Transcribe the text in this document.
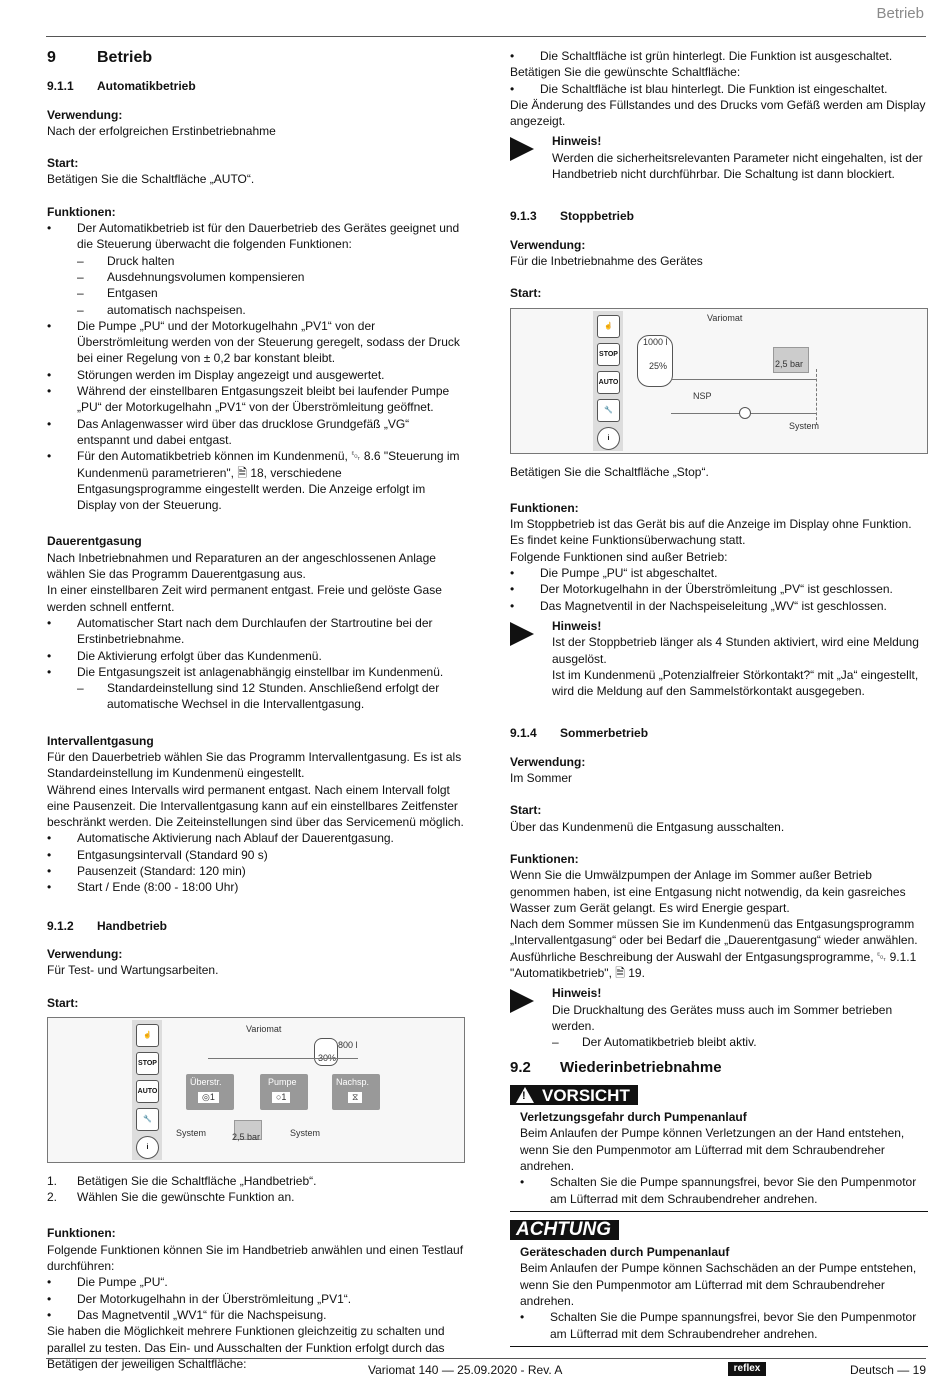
Betrieb
9	Betrieb
9.1.1	Automatikbetrieb
Verwendung:

Nach der erfolgreichen Erstinbetriebnahme

Start:

Betätigen Sie die Schaltfläche „AUTO“.

Funktionen:
•	Der Automatikbetrieb ist für den Dauerbetrieb des Gerätes geeignet und die Steuerung überwacht die folgenden Funktionen:
–	Druck halten
–	Ausdehnungsvolumen kompensieren
–	Entgasen
–	automatisch nachspeisen.
•	Die Pumpe „PU“ und der Motorkugelhahn „PV1“ von der Überströmleitung werden von der Steuerung geregelt, sodass der Druck bei einer Regelung von ± 0,2 bar konstant bleibt.
•	Störungen werden im Display angezeigt und ausgewertet.
•	Während der einstellbaren Entgasungszeit bleibt bei laufender Pumpe „PU“ der Motorkugelhahn „PV1“ von der Überströmleitung geöffnet.
•	Das Anlagenwasser wird über das drucklose Grundgefäß „VG“ entspannt und dabei entgast.
•	Für den Automatikbetrieb können im Kundenmenü, ␄ 8.6 "Steuerung im Kundenmenü parametrieren", 🗎 18, verschiedene Entgasungsprogramme eingestellt werden. Die Anzeige erfolgt im Display von der Steuerung.
Dauerentgasung

Nach Inbetriebnahmen und Reparaturen an der angeschlossenen Anlage wählen Sie das Programm Dauerentgasung aus.

In einer einstellbaren Zeit wird permanent entgast. Freie und gelöste Gase werden schnell entfernt.

•	Automatischer Start nach dem Durchlaufen der Startroutine bei der Erstinbetriebnahme.
•	Die Aktivierung erfolgt über das Kundenmenü.
•	Die Entgasungszeit ist anlagenabhängig einstellbar im Kundenmenü.
–	Standardeinstellung sind 12 Stunden. Anschließend erfolgt der automatische Wechsel in die Intervallentgasung.
Intervallentgasung

Für den Dauerbetrieb wählen Sie das Programm Intervallentgasung. Es ist als Standardeinstellung im Kundenmenü eingestellt.

Während eines Intervalls wird permanent entgast. Nach einem Intervall folgt eine Pausenzeit. Die Intervallentgasung kann auf ein einstellbares Zeitfenster beschränkt werden. Die Zeiteinstellungen sind über das Servicemenü möglich.

•	Automatische Aktivierung nach Ablauf der Dauerentgasung.
•	Entgasungsintervall (Standard 90 s)
•	Pausenzeit (Standard: 120 min)
•	Start / Ende (8:00 - 18:00 Uhr)
9.1.2	Handbetrieb
Verwendung:

Für Test- und Wartungsarbeiten.

Start:
☝
STOP
AUTO
🔧
i
Variomat
30%
800 l
Überstr.
◎1
Pumpe
○1
Nachsp.
⧖
System	2,5 bar	System
1.	Betätigen Sie die Schaltfläche „Handbetrieb“.
2.	Wählen Sie die gewünschte Funktion an.
Funktionen:

Folgende Funktionen können Sie im Handbetrieb anwählen und einen Testlauf durchführen:

•	Die Pumpe „PU“.
•	Der Motorkugelhahn in der Überströmleitung „PV1“.
•	Das Magnetventil „WV1“ für die Nachspeisung.

Sie haben die Möglichkeit mehrere Funktionen gleichzeitig zu schalten und parallel zu testen. Das Ein- und Ausschalten der Funktion erfolgt durch das Betätigen der jeweiligen Schaltfläche:

•	Die Schaltfläche ist grün hinterlegt. Die Funktion ist ausgeschaltet.

Betätigen Sie die gewünschte Schaltfläche:

•	Die Schaltfläche ist blau hinterlegt. Die Funktion ist eingeschaltet.

Die Änderung des Füllstandes und des Drucks vom Gefäß werden am Display angezeigt.

Hinweis!
Werden die sicherheitsrelevanten Parameter nicht eingehalten, ist der Handbetrieb nicht durchführbar. Die Schaltung ist dann blockiert.
9.1.3	Stoppbetrieb
Verwendung:

Für die Inbetriebnahme des Gerätes

Start:
☝
STOP
AUTO
🔧
i
Variomat
1000 l
25%	2,5 bar
NSP
System

Betätigen Sie die Schaltfläche „Stop“.

Funktionen:

Im Stoppbetrieb ist das Gerät bis auf die Anzeige im Display ohne Funktion. Es findet keine Funktionsüberwachung statt.

Folgende Funktionen sind außer Betrieb:

•	Die Pumpe „PU“ ist abgeschaltet.
•	Der Motorkugelhahn in der Überströmleitung „PV“ ist geschlossen.
•	Das Magnetventil in der Nachspeiseleitung „WV“ ist geschlossen.
Hinweis!
Ist der Stoppbetrieb länger als 4 Stunden aktiviert, wird eine Meldung ausgelöst.
Ist im Kundenmenü „Potenzialfreier Störkontakt?“ mit „Ja“ eingestellt, wird die Meldung auf den Sammelstörkontakt ausgegeben.
9.1.4	Sommerbetrieb
Verwendung:

Im Sommer

Start:

Über das Kundenmenü die Entgasung ausschalten.

Funktionen:

Wenn Sie die Umwälzpumpen der Anlage im Sommer außer Betrieb genommen haben, ist eine Entgasung nicht notwendig, da kein gasreiches Wasser zum Gerät gelangt. Es wird Energie gespart.

Nach dem Sommer müssen Sie im Kundenmenü das Entgasungsprogramm „Intervallentgasung“ oder bei Bedarf die „Dauerentgasung“ wieder anwählen.

Ausführliche Beschreibung der Auswahl der Entgasungsprogramme, ␄ 9.1.1 "Automatikbetrieb", 🗎 19.

Hinweis!
Die Druckhaltung des Gerätes muss auch im Sommer betrieben werden.
–	Der Automatikbetrieb bleibt aktiv.
9.2	Wiederinbetriebnahme
! VORSICHT
Verletzungsgefahr durch Pumpenanlauf
Beim Anlaufen der Pumpe können Verletzungen an der Hand entstehen, wenn Sie den Pumpenmotor am Lüfterrad mit dem Schraubendreher andrehen.
•	Schalten Sie die Pumpe spannungsfrei, bevor Sie den Pumpenmotor am Lüfterrad mit dem Schraubendreher andrehen.
ACHTUNG
Geräteschaden durch Pumpenanlauf
Beim Anlaufen der Pumpe können Sachschäden an der Pumpe entstehen, wenn Sie den Pumpenmotor am Lüfterrad mit dem Schraubendreher andrehen.
•	Schalten Sie die Pumpe spannungsfrei, bevor Sie den Pumpenmotor am Lüfterrad mit dem Schraubendreher andrehen.
Variomat 140 — 25.09.2020 - Rev. A	reflex	Deutsch — 19
